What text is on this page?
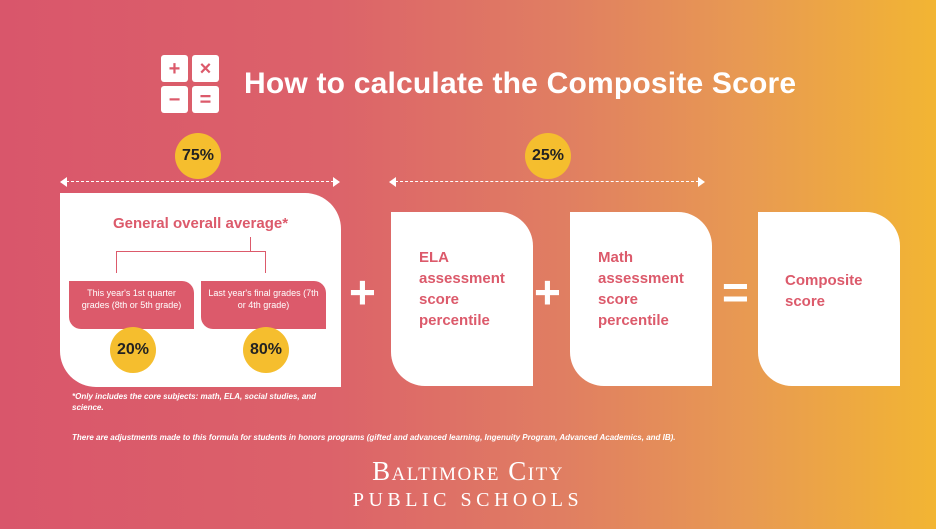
+ ×
− = How to calculate the Composite Score
75%	25%
General overall average*
This year's 1st quarter grades (8th or 5th grade)
Last year's final grades (7th or 4th grade)
20%	80%
*Only includes the core subjects: math, ELA, social studies, and science.
+	+	=
ELA assessment score percentile
Math assessment score percentile
Composite score
There are adjustments made to this formula for students in honors programs (gifted and advanced learning, Ingenuity Program, Advanced Academics, and IB).
Baltimore City
PUBLIC SCHOOLS
